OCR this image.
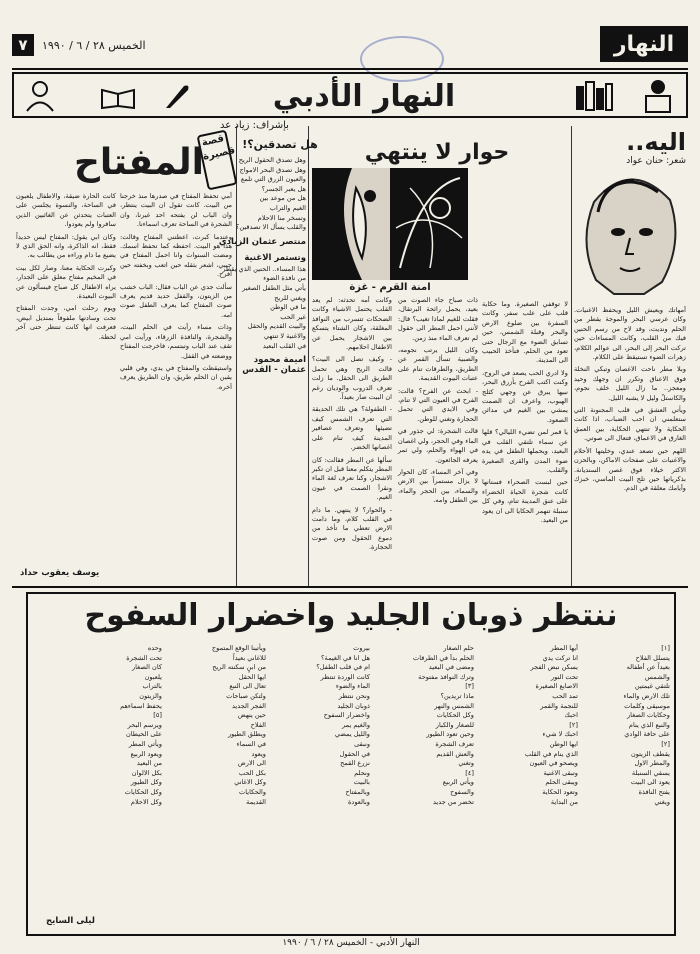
٧	الخميس ٢٨ / ٦ / ١٩٩٠	النهار
النهار الأدبي
بإشراف: زياد عد
اليه..
شعر: حنان عواد

أمهاتك ويعيش الليل ويحفظ الاغنيات. وكان عرسي البحر والموجة يقطر من الحلم ونديت، وقد لاح من رسم الحنين فيك من القلب، وكانت المساءات حين تركت البحر إلى البحر، الى عوالم الكلام، زهرات الضوء تستيقظ على الكلام.

وبلا مطر ناحت الاغصان وتبكي النخلة فوق الاعناق وتكرر ان وجهك وحيد ومعجز.. ما زال الليل خلف نجوم، والكاستلّ وليل لا يشبه الليل.

ويأتي العشق في قلب المجنونة التي ستعلمني ان احب الضباب، اذا كانت الحكاية ولا تنتهي الحكاية، بين العمق الغارق في الاعماق، فتعال الى صوتي.

اللهم حين تصعد عندي، وخليتها الأحلام والاغنيات على صفحات الاماكن، وبالحزن الاكثر خيلاء فوق غصن السنديانة. بذكرياتها حين تلج البيت الماسي، خبزك وأيامك معلقة في الدم.

لا توقفي الصغيرة. وما حكاية قلب على علب سفر. وكانت السفرة بين ضلوع الارض والبحر وقبلة الشمس، حين تسابق الضوء مع الرجال حتى تعود من الحلم. فتأخذ الحبيب الى المدينة.

ولا ادري الحب يصعد في الروح، وكنت اكتب الفرح بأزرق البحر، نبيها يبرق عن وجهي كثلج الهبوب، واعرف ان الصمت يمشي بين الغيم في مدائن الصعود.

يا قمر لمن تضيء الليالي؟ قلها عن سماء تلتقي القلب في البعيد، ويحملها الطفل في يده ضوء المدن والقرى الصغيرة والقلب.

حين لبست الصحراء فستانها كانت شجرة الحياة الخضراء على عنق المدينة تنام، وفي كل سنبلة تنهمر الحكايا الى ان يعود من البعيد.

حوار لا ينتهي
امنة القرم - غزة

وكانت أمه تحدثه: لم يعد القلب يحتمل الاشياء وكانت الضحكات تتسرب من النوافذ المغلقة، وكان الشتاء يتسكع بين الاشجار يحمل عن الاطفال احلامهم.

- وكيف تصل الى البيت؟ قالت الريح وهي تحمل الطريق الى الحقل. ما زلت تعرف الدروب والوديان رغم ان البيت صار بعيداً.

- الطفولة؟ هي تلك الحديقة التي تعرف الشمس كيف تضيئها وتعرف عصافير المدينة كيف تنام على اغصانها الخضر.

سألها عن المطر فقالت: كان المطر يتكلم معنا قبل ان تكبر الاشجار، وكنا نعرف لغة الماء ونقرأ الصمت في عيون الغيم.

- والحوار؟ لا ينتهي. ما دام في القلب كلام، وما دامت الارض تعطي ما تأخذ من دموع الحقول ومن صوت الحجارة.

ذات صباح جاء الصوت من بعيد، يحمل رائحة البرتقال، فقلت للغيم لماذا تغيب؟ قال: لأنني احمل المطر الى حقول لم تعرف الماء منذ زمن.

وكان الليل يرتب نجومه، والصبية تسأل القمر عن الطريق، والطرقات تنام على عتبات البيوت القديمة.

- ابحث عن الفرح؟ قالت: الفرح في العيون التي لا تنام، وفي الايدي التي تحمل الحجارة وتغني للوطن.

قالت الشجرة: لي جذور في الماء وفي الحجر، ولي اغصان في الهواء والحلم، ولي ثمر يعرفه الجائعون.

وفي آخر المساء، كان الحوار لا يزال مستمراً بين الارض والسماء، بين الحجر والماء، بين الطفل وامه.

هل تصدقين؟!
وهل تصدق الحقول الريح
وهل تصدق البحر الامواج
والعيون الزرق التي تلمع
هل يعبر الجسر؟
هل من موعد بين
الغيم والتراب
وتسخر منا الاحلام
والقلب يسأل الا تصدقين؟
منتصر عثمان الزيادي
وتستمر الاغنية
هذا المساء.. الحنين الذي يقطر
من نافذة الضوء
يأتي مثل الطفل الصغير
ويغني للريح
ما في الوطن
غير الحب
والبيت القديم والحقل
والاغنية لا تنتهي
في القلب البعيد
اميمة محمود عثمان - القدس
قصة قصيرة
المفتاح

أمي تحفظ المفتاح في صدرها منذ خرجنا من البيت. كانت تقول ان البيت ينتظر، وان الباب لن يفتحه احد غيرنا، وان الشجرة في الساحة تعرف اسماءنا.

وعندما كبرت، اعطتني المفتاح وقالت: هذا هو البيت. احفظه كما تحفظ اسمك. ومضت السنوات وانا احمل المفتاح في جيبي، اشعر بثقله حين اتعب وبخفته حين افرح.

سألت جدي عن الباب فقال: الباب خشب من الزيتون، والقفل حديد قديم يعرف صوت المفتاح كما يعرف الطفل صوت امه.

وذات مساء رأيت في الحلم البيت، والشجرة، والنافذة الزرقاء، ورأيت امي تقف عند الباب وتبتسم، فاخرجت المفتاح ووضعته في القفل.

واستيقظت والمفتاح في يدي، وفي قلبي يقين ان الحلم طريق، وان الطريق يعرف آخره.

كانت الحارة ضيقة، والاطفال يلعبون في الساحة، والنسوة يجلسن على العتبات يتحدثن عن الغائبين الذين سافروا ولم يعودوا.

وكان ابي يقول: المفتاح ليس حديداً فقط، انه الذاكرة، وانه الحق الذي لا يضيع ما دام وراءه من يطالب به.

وكبرت الحكاية معنا، وصار لكل بيت في المخيم مفتاح معلق على الجدار، يراه الاطفال كل صباح فيسألون عن البيوت البعيدة.

ويوم رحلت امي، وجدت المفتاح تحت وسادتها ملفوفاً بمنديل ابيض، فعرفت انها كانت تنتظر حتى آخر لحظة.

يوسف يعقوب حداد
ننتظر ذوبان الجليد واخضرار السفوح
[١]
يتسلل الفلاح
بعيداً عن أطفاله
والشمس
تلتقي غيمتين
تلك الارض والماء
موسيقى وكلمات
وحكايات الصغار
والنبع الذي ينام
على حافة الوادي
[٢]
يقطف الزيتون
والمطر الاول
يسقي السنبلة
يعود الى البيت
يفتح النافذة
ويغني
أيها المطر
انا تركت يدي
يسكن نبض الفجر
تحت النور
الاصابع الصغيرة
تمد الحب
للنجمة والقمر
احبك
[٢]
احبك لا شيء
ايها الوطن
الذي ينام في القلب
ويصحو في العيون
وتبقى الاغنية
ويبقى الحلم
وتعود الحكاية
من البداية
حلم الصغار
الحلم بدأ في الطرقات
ومضى في البعيد
وترك النوافذ مفتوحة
[٣]
ماذا تريدين؟
الشمس والنهر
وكل الحكايات
للصغار والكبار
وحين تعود الطيور
تعرف الشجرة
والعش القديم
وتغني
[٤]
ويأتي الربيع
والسفوح
تخضر من جديد
بيروت
هل انا في الغيمة؟
ام في قلب الطفل؟
كانت الوردة تنتظر
الماء والضوء
ونحن ننتظر
ذوبان الجليد
واخضرار السفوح
والغيم يمر
والليل يمضي
ونبقى
في الحقول
نزرع القمح
ونحلم
بالبيت
وبالمفتاح
وبالعودة
ويأتينا الوقع المتموج
للاغاني بعيداً
من ابنٍ سكنته الريح
ايها الحقل
تعال الى النبع
ولتكن صباحات
الفجر الجديد
حين ينهض
الفلاح
ويطلق الطيور
في السماء
ويعود
الى الارض
بكل الحب
وكل الاغاني
والحكايات
القديمة
وحده
تحت الشجرة
كان الصغار
يلعبون
بالتراب
والزيتون
يحفظ اسماءهم
[٥]
ويرسم البحر
على الحيطان
ويأتي المطر
ويعود الربيع
من البعيد
بكل الالوان
وكل الطيور
وكل الحكايات
وكل الاحلام
ليلى السايح
النهار الأدبي - الخميس ٢٨ / ٦ / ١٩٩٠
